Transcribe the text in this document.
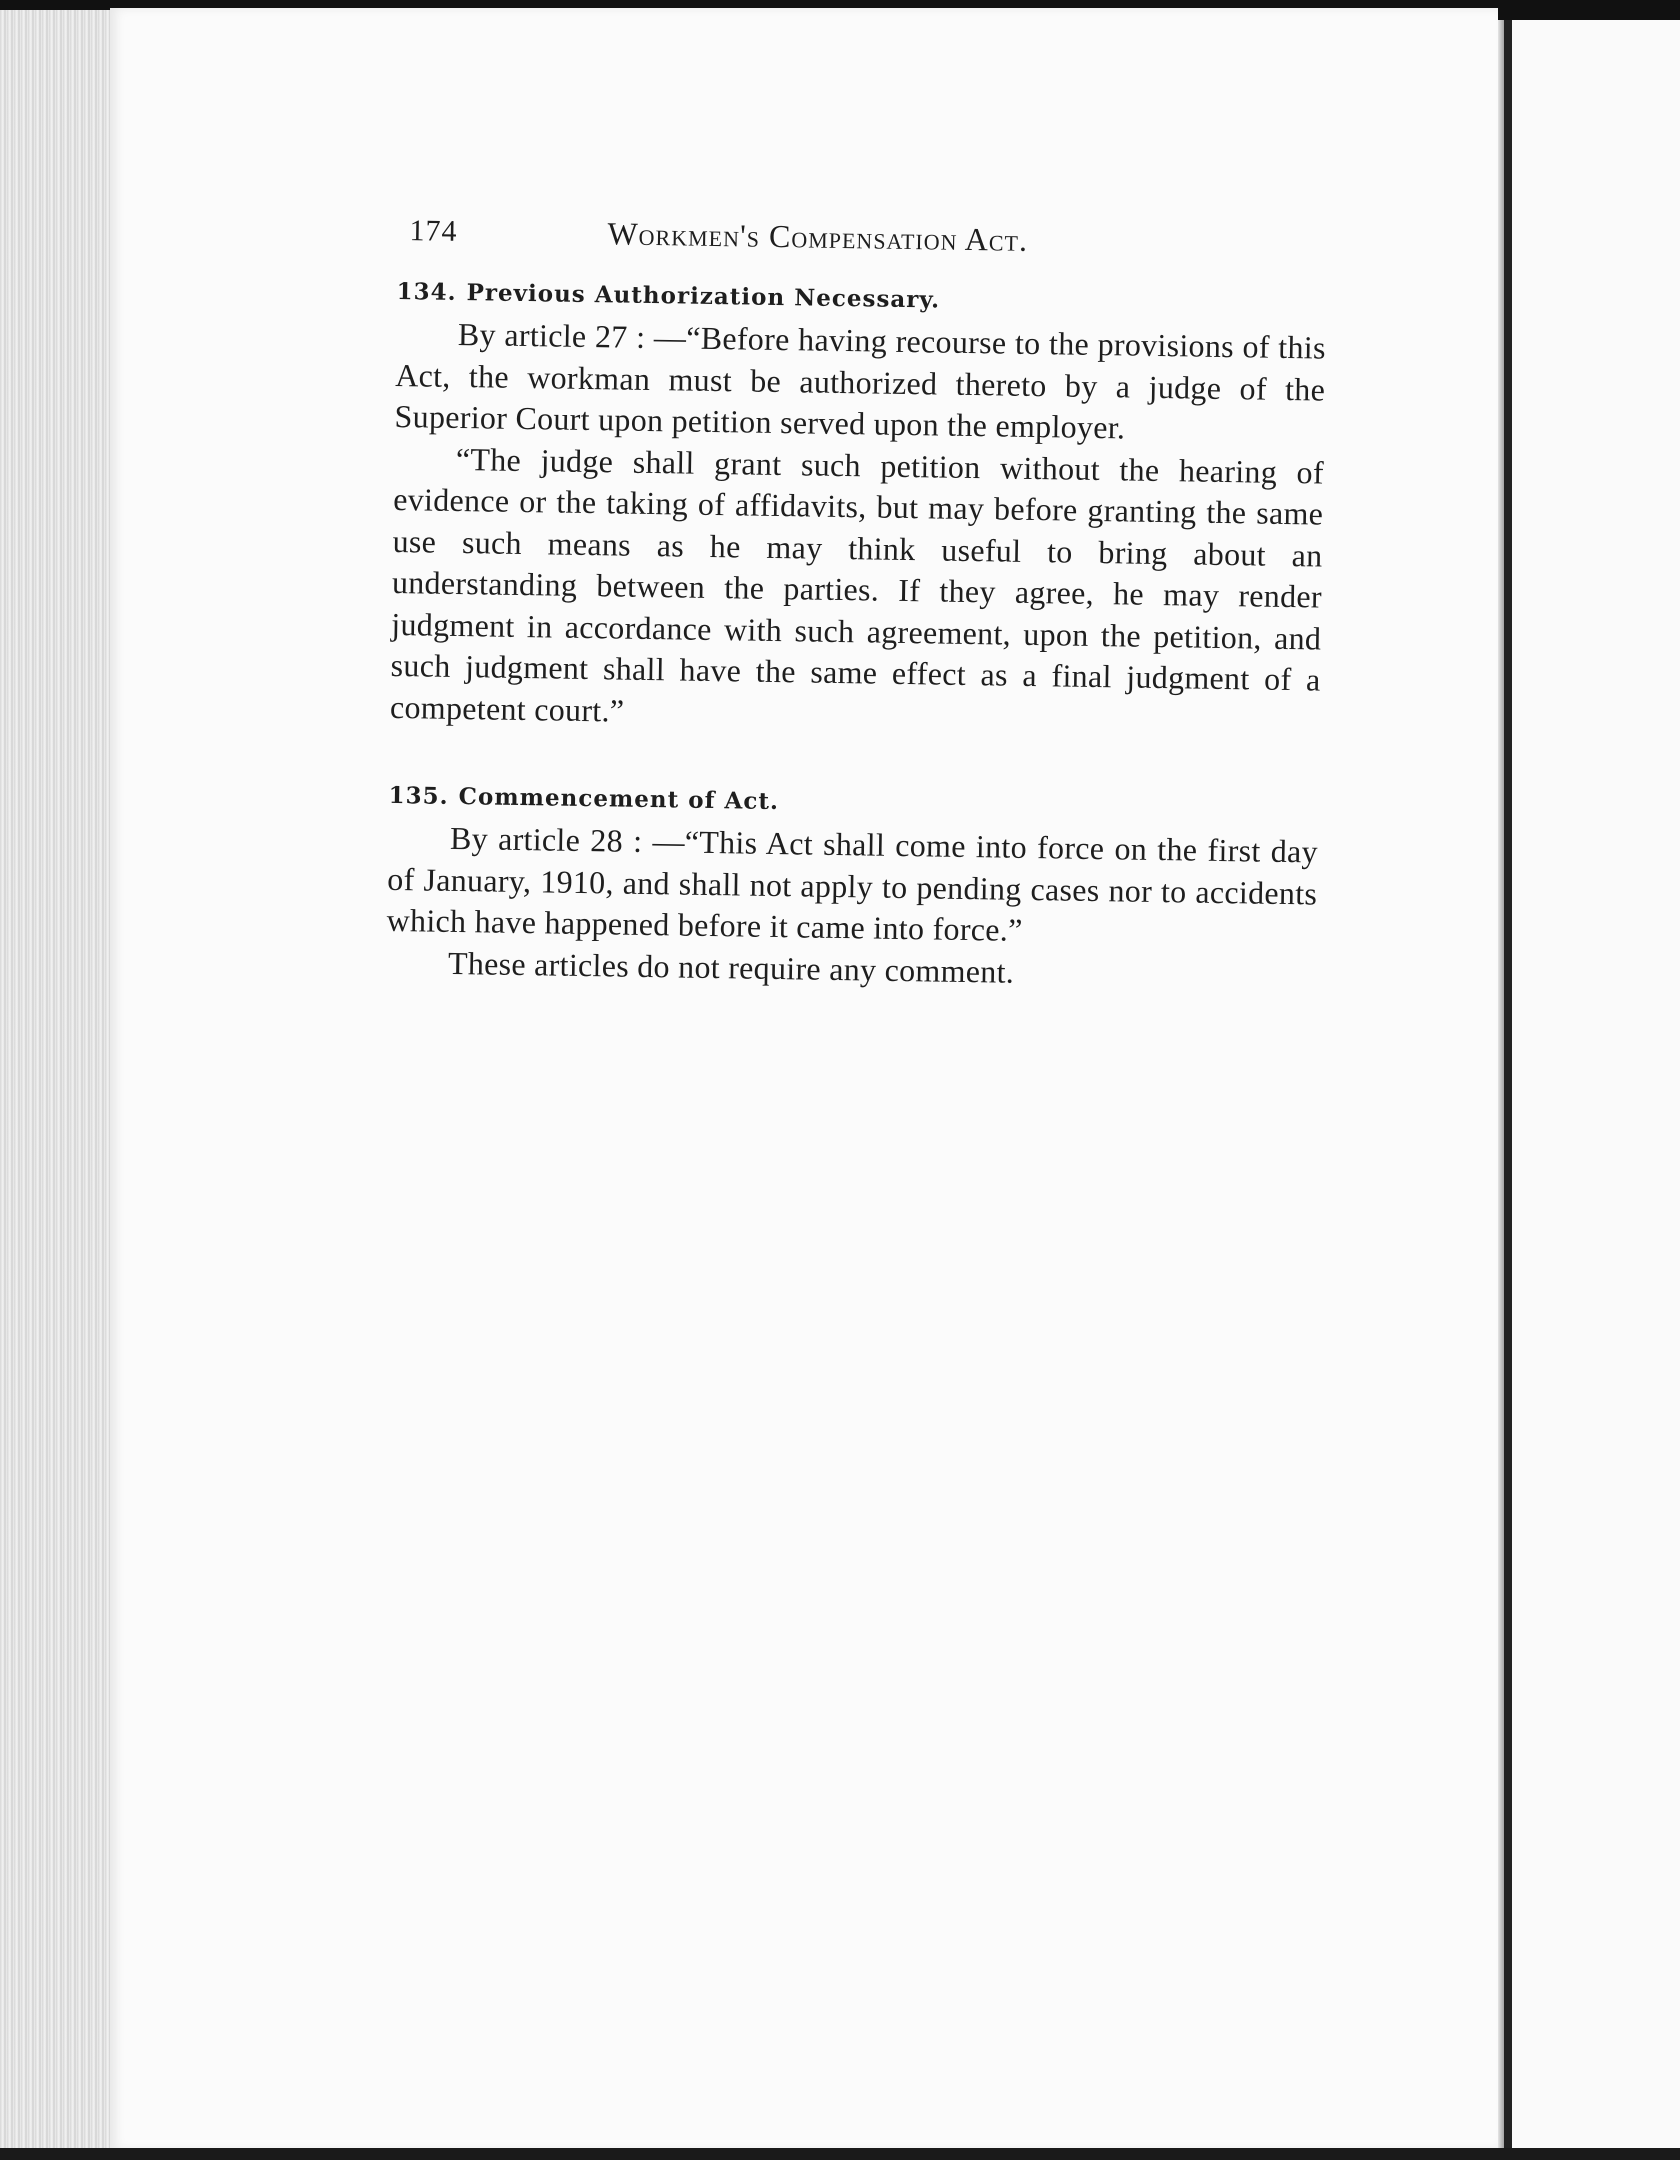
174	Workmen's Compensation Act.
134. Previous Authorization Necessary.

By article 27 : —“Before having recourse to the provisions of this Act, the workman must be authorized thereto by a judge of the Superior Court upon petition served upon the employer.

“The judge shall grant such petition without the hearing of evidence or the taking of affidavits, but may before granting the same use such means as he may think useful to bring about an understanding between the parties. If they agree, he may render judgment in accordance with such agreement, upon the petition, and such judgment shall have the same effect as a final judgment of a competent court.”

135. Commencement of Act.

By article 28 : —“This Act shall come into force on the first day of January, 1910, and shall not apply to pending cases nor to accidents which have happened before it came into force.”

These articles do not require any comment.
